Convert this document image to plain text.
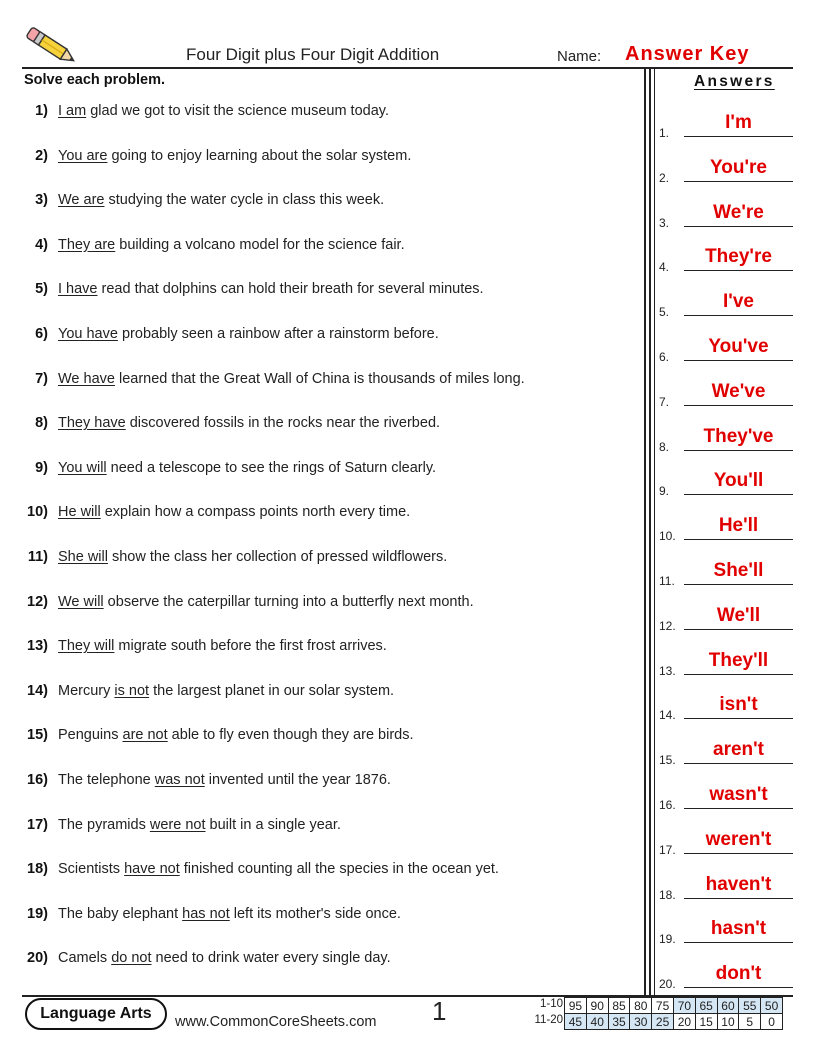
Four Digit plus Four Digit Addition	Name: Answer Key
Solve each problem.	Answers
1) I am glad we got to visit the science museum today.
2) You are going to enjoy learning about the solar system.
3) We are studying the water cycle in class this week.
4) They are building a volcano model for the science fair.
5) I have read that dolphins can hold their breath for several minutes.
6) You have probably seen a rainbow after a rainstorm before.
7) We have learned that the Great Wall of China is thousands of miles long.
8) They have discovered fossils in the rocks near the riverbed.
9) You will need a telescope to see the rings of Saturn clearly.
10) He will explain how a compass points north every time.
11) She will show the class her collection of pressed wildflowers.
12) We will observe the caterpillar turning into a butterfly next month.
13) They will migrate south before the first frost arrives.
14) Mercury is not the largest planet in our solar system.
15) Penguins are not able to fly even though they are birds.
16) The telephone was not invented until the year 1876.
17) The pyramids were not built in a single year.
18) Scientists have not finished counting all the species in the ocean yet.
19) The baby elephant has not left its mother's side once.
20) Camels do not need to drink water every single day.
1.	I'm
2.	You're
3.	We're
4.	They're
5.	I've
6.	You've
7.	We've
8.	They've
9.	You'll
10.	He'll
11.	She'll
12.	We'll
13.	They'll
14.	isn't
15.	aren't
16.	wasn't
17.	weren't
18.	haven't
19.	hasn't
20.	don't
Language Arts	www.CommonCoreSheets.com 1	1-10
11-20
95	90	85	80	75	70	65	60	55	50
45	40	35	30	25	20	15	10	5	0
